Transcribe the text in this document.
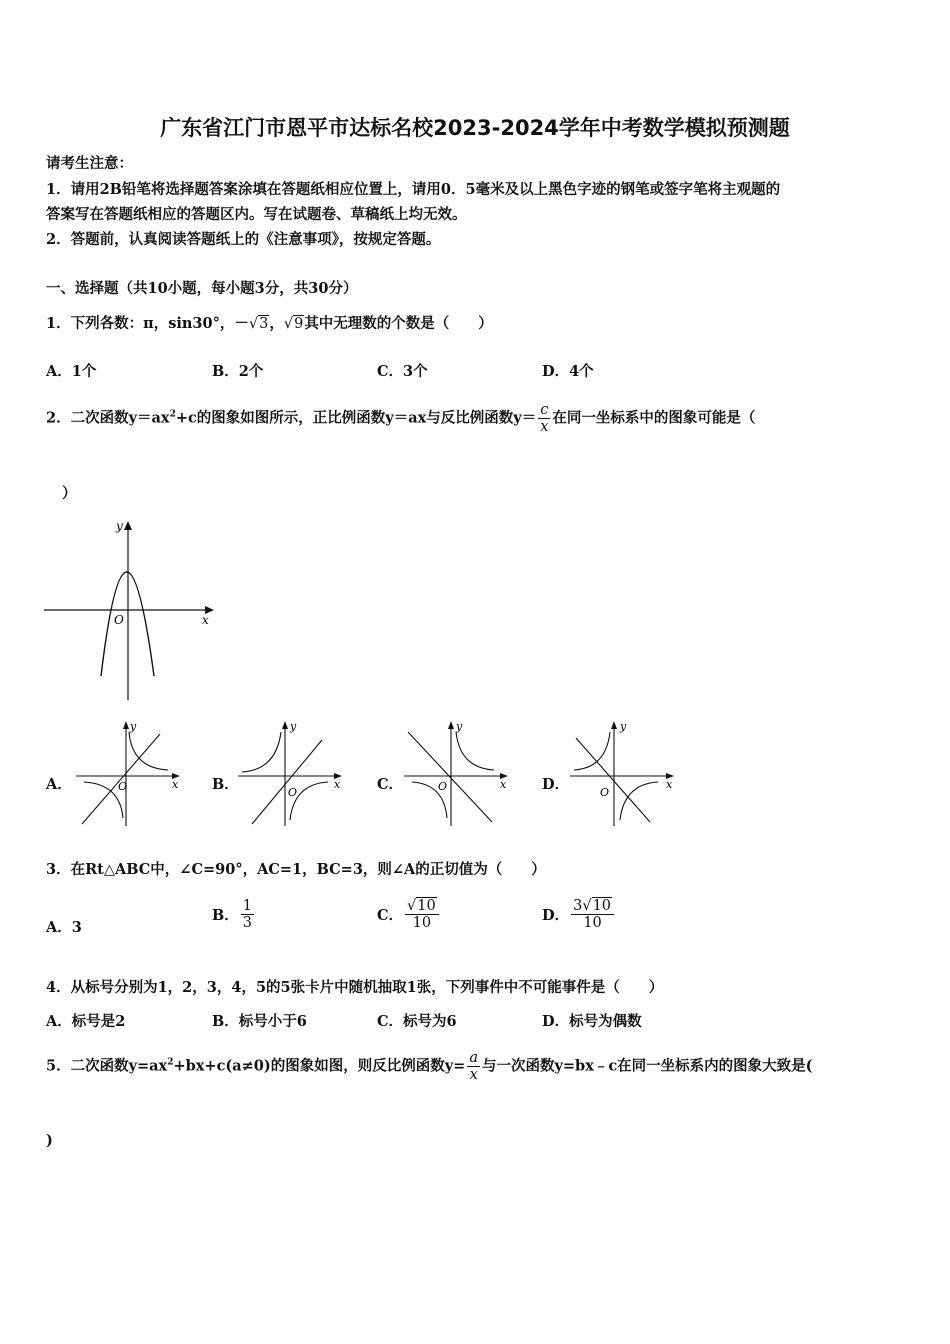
广东省江门市恩平市达标名校2023-2024学年中考数学模拟预测题
请考生注意：
1．请用2B铅笔将选择题答案涂填在答题纸相应位置上，请用0．5毫米及以上黑色字迹的钢笔或签字笔将主观题的
答案写在答题纸相应的答题区内。写在试题卷、草稿纸上均无效。
2．答题前，认真阅读答题纸上的《注意事项》，按规定答题。
一、选择题（共10小题，每小题3分，共30分）
1．下列各数：π，sin30°，－√3，√9其中无理数的个数是（　　）
A．1个	B．2个	C．3个	D．4个
2．二次函数$y=ax^2+c$的图象如图所示，正比例函数y＝ax与反比例函数$y= \frac{c}{x}$ 在同一坐标系中的图象可能是（
）
y
x
O
A．
y
x
O	B．
y
x
O	C．
y
x
O	D．
y
x
O
3．在Rt△ABC中，∠C=90°，AC=1，BC=3，则∠A的正切值为（　　）
A．3
B． $\frac{1}{3}$	C． $\frac{√10}{10}$	D． $\frac{3√10}{10}$
4．从标号分别为1，2，3，4，5的5张卡片中随机抽取1张，下列事件中不可能事件是（　　）
A．标号是2	B．标号小于6	C．标号为6	D．标号为偶数
5．二次函数$y=ax^2+bx+c(a\ne 0)$的图象如图，则反比例函数$y= \frac{a}{x}$ 与一次函数y=bx﹣c在同一坐标系内的图象大致是(
)
